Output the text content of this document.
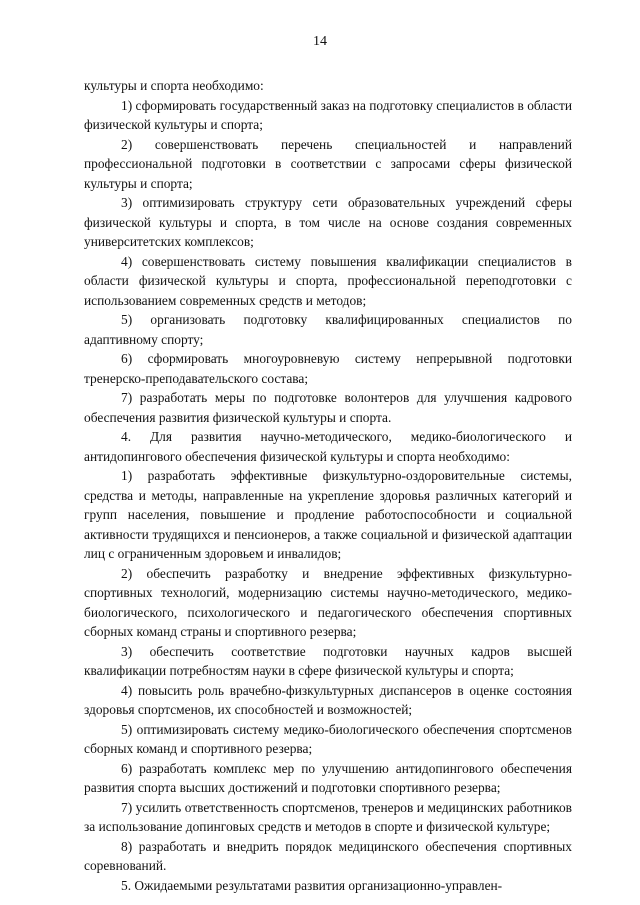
14

культуры и спорта необходимо:

1) сформировать государственный заказ на подготовку специалистов в области физической культуры и спорта;

2) совершенствовать перечень специальностей и направлений профессиональной подготовки в соответствии с запросами сферы физической культуры и спорта;

3) оптимизировать структуру сети образовательных учреждений сферы физической культуры и спорта, в том числе на основе создания современных университетских комплексов;

4) совершенствовать систему повышения квалификации специалистов в области физической культуры и спорта, профессиональной переподготовки с использованием современных средств и методов;

5) организовать подготовку квалифицированных специалистов по адаптивному спорту;

6) сформировать многоуровневую систему непрерывной подготовки тренерско-преподавательского состава;

7) разработать меры по подготовке волонтеров для улучшения кадрового обеспечения развития физической культуры и спорта.

4. Для развития научно-методического, медико-биологического и антидопингового обеспечения физической культуры и спорта необходимо:

1) разработать эффективные физкультурно-оздоровительные системы, средства и методы, направленные на укрепление здоровья различных категорий и групп населения, повышение и продление работоспособности и социальной активности трудящихся и пенсионеров, а также социальной и физической адаптации лиц с ограниченным здоровьем и инвалидов;

2) обеспечить разработку и внедрение эффективных физкультурно-спортивных технологий, модернизацию системы научно-методического, медико-биологического, психологического и педагогического обеспечения спортивных сборных команд страны и спортивного резерва;

3) обеспечить соответствие подготовки научных кадров высшей квалификации потребностям науки в сфере физической культуры и спорта;

4) повысить роль врачебно-физкультурных диспансеров в оценке состояния здоровья спортсменов, их способностей и возможностей;

5) оптимизировать систему медико-биологического обеспечения спортсменов сборных команд и спортивного резерва;

6) разработать комплекс мер по улучшению антидопингового обеспечения развития спорта высших достижений и подготовки спортивного резерва;

7) усилить ответственность спортсменов, тренеров и медицинских работников за использование допинговых средств и методов в спорте и физической культуре;

8) разработать и внедрить порядок медицинского обеспечения спортивных соревнований.

5. Ожидаемыми результатами развития организационно-управлен-
